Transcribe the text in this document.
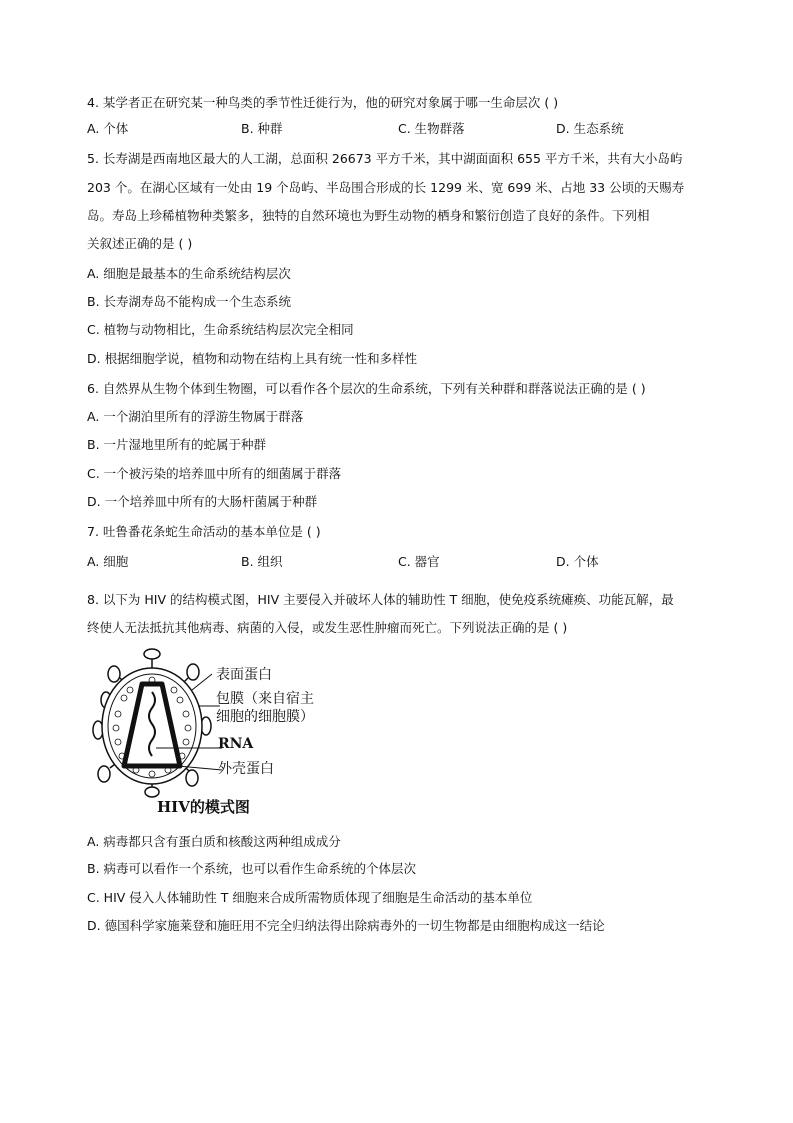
4. 某学者正在研究某一种鸟类的季节性迁徙行为，他的研究对象属于哪一生命层次 ( )
A. 个体	B. 种群	C. 生物群落	D. 生态系统
5. 长寿湖是西南地区最大的人工湖，总面积 26673 平方千米，其中湖面面积 655 平方千米，共有大小岛屿
203 个。在湖心区域有一处由 19 个岛屿、半岛围合形成的长 1299 米、宽 699 米、占地 33 公顷的天赐寿
岛。寿岛上珍稀植物种类繁多，独特的自然环境也为野生动物的栖身和繁衍创造了良好的条件。下列相
关叙述正确的是 ( )
A. 细胞是最基本的生命系统结构层次
B. 长寿湖寿岛不能构成一个生态系统
C. 植物与动物相比，生命系统结构层次完全相同
D. 根据细胞学说，植物和动物在结构上具有统一性和多样性
6. 自然界从生物个体到生物圈，可以看作各个层次的生命系统，下列有关种群和群落说法正确的是 ( )
A. 一个湖泊里所有的浮游生物属于群落
B. 一片湿地里所有的蛇属于种群
C. 一个被污染的培养皿中所有的细菌属于群落
D. 一个培养皿中所有的大肠杆菌属于种群
7. 吐鲁番花条蛇生命活动的基本单位是 ( )
A. 细胞	B. 组织	C. 器官	D. 个体
8. 以下为 HIV 的结构模式图，HIV 主要侵入并破坏人体的辅助性 T 细胞，使免疫系统瘫痪、功能瓦解，最
终使人无法抵抗其他病毒、病菌的入侵，或发生恶性肿瘤而死亡。下列说法正确的是 ( )
表面蛋白
包膜（来自宿主
细胞的细胞膜）
RNA
外壳蛋白
HIV的模式图
A. 病毒都只含有蛋白质和核酸这两种组成成分
B. 病毒可以看作一个系统，也可以看作生命系统的个体层次
C. HIV 侵入人体辅助性 T 细胞来合成所需物质体现了细胞是生命活动的基本单位
D. 德国科学家施莱登和施旺用不完全归纳法得出除病毒外的一切生物都是由细胞构成这一结论
